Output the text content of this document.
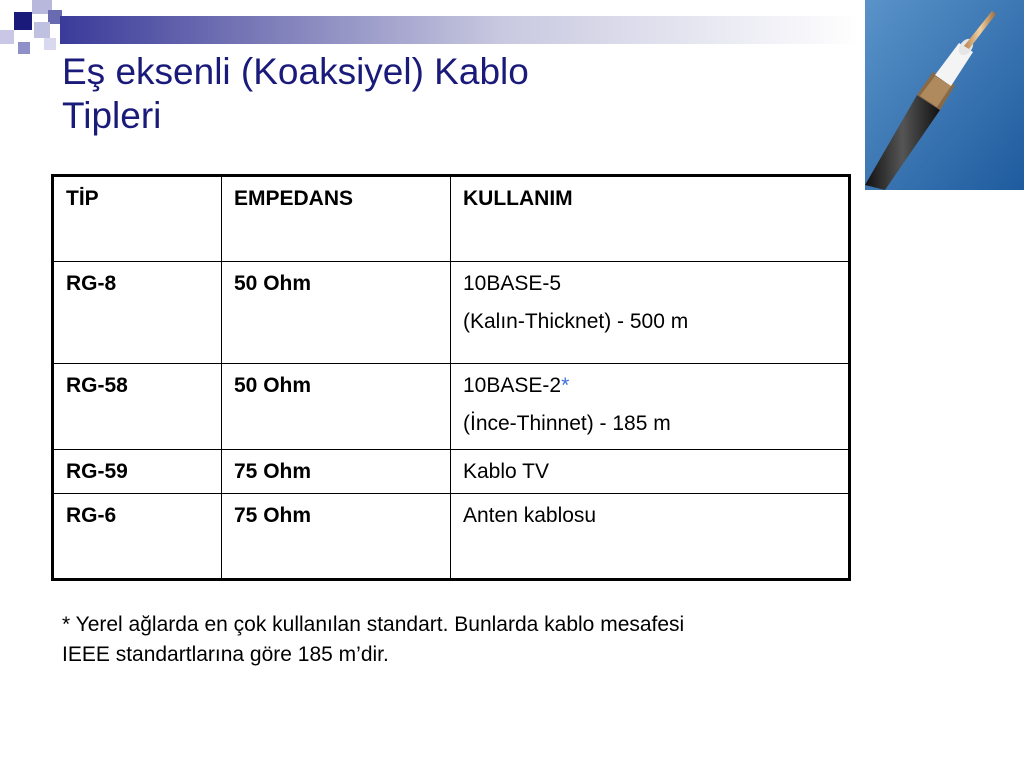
Eş eksenli (Koaksiyel) Kablo
Tipleri
TİP	EMPEDANS	KULLANIM
RG-8	50 Ohm	10BASE-5
(Kalın-Thicknet) - 500 m

RG-58	50 Ohm	10BASE-2*
(İnce-Thinnet) - 185 m

RG-59	75 Ohm	Kablo TV
RG-6	75 Ohm	Anten kablosu
* Yerel ağlarda en çok kullanılan standart. Bunlarda kablo mesafesi
IEEE standartlarına göre 185 m’dir.
